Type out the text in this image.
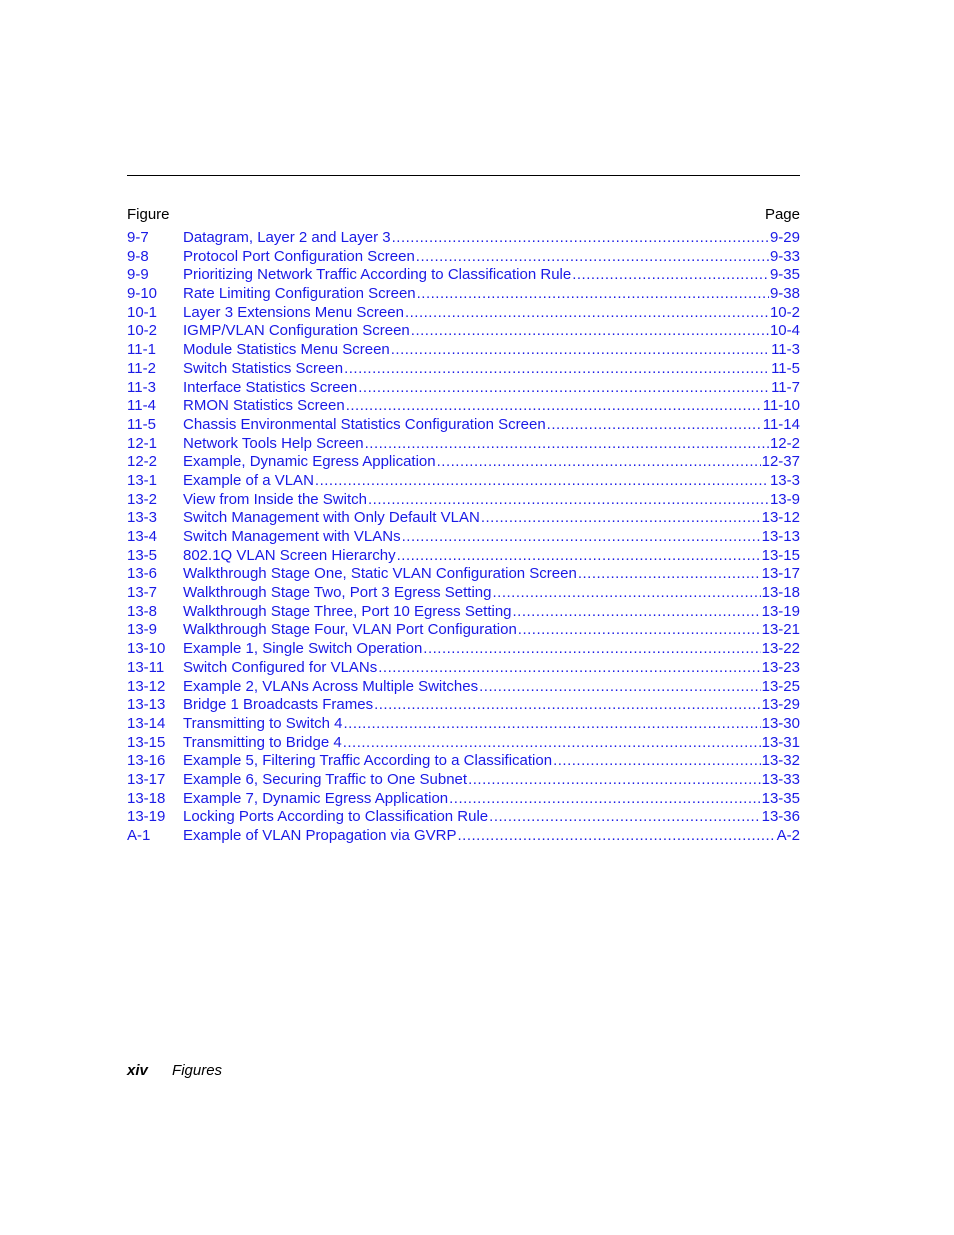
Figure	Page
9-7	Datagram, Layer 2 and Layer 3 .....	9-29
9-8	Protocol Port Configuration Screen .....	9-33
9-9	Prioritizing Network Traffic According to Classification Rule .....	9-35
9-10	Rate Limiting Configuration Screen .....	9-38
10-1	Layer 3 Extensions Menu Screen .....	10-2
10-2	IGMP/VLAN Configuration Screen .....	10-4
11-1	Module Statistics Menu Screen .....	11-3
11-2	Switch Statistics Screen .....	11-5
11-3	Interface Statistics Screen .....	11-7
11-4	RMON Statistics Screen .....	11-10
11-5	Chassis Environmental Statistics Configuration Screen .....	11-14
12-1	Network Tools Help Screen .....	12-2
12-2	Example, Dynamic Egress Application .....	12-37
13-1	Example of a VLAN .....	13-3
13-2	View from Inside the Switch .....	13-9
13-3	Switch Management with Only Default VLAN .....	13-12
13-4	Switch Management with VLANs .....	13-13
13-5	802.1Q VLAN Screen Hierarchy .....	13-15
13-6	Walkthrough Stage One, Static VLAN Configuration Screen .....	13-17
13-7	Walkthrough Stage Two, Port 3 Egress Setting .....	13-18
13-8	Walkthrough Stage Three, Port 10 Egress Setting .....	13-19
13-9	Walkthrough Stage Four, VLAN Port Configuration .....	13-21
13-10	Example 1, Single Switch Operation .....	13-22
13-11	Switch Configured for VLANs .....	13-23
13-12	Example 2, VLANs Across Multiple Switches .....	13-25
13-13	Bridge 1 Broadcasts Frames .....	13-29
13-14	Transmitting to Switch 4 .....	13-30
13-15	Transmitting to Bridge 4 .....	13-31
13-16	Example 5, Filtering Traffic According to a Classification .....	13-32
13-17	Example 6, Securing Traffic to One Subnet .....	13-33
13-18	Example 7, Dynamic Egress Application .....	13-35
13-19	Locking Ports According to Classification Rule .....	13-36
A-1	Example of VLAN Propagation via GVRP .....	A-2
xiv Figures
